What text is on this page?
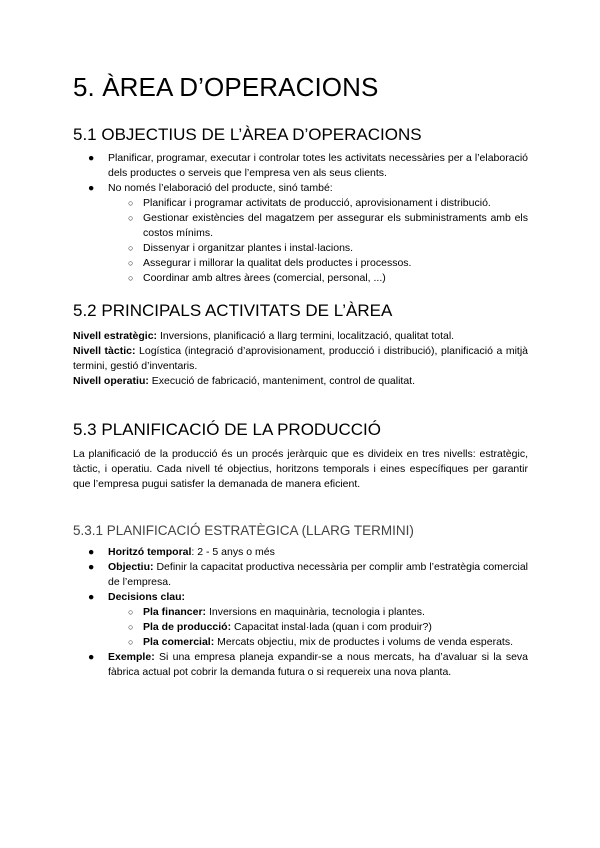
5. ÀREA D’OPERACIONS
5.1 OBJECTIUS DE L’ÀREA D’OPERACIONS
● Planificar, programar, executar i controlar totes les activitats necessàries per a l’elaboració dels productes o serveis que l’empresa ven als seus clients.
● No només l’elaboració del producte, sinó també:
○ Planificar i programar activitats de producció, aprovisionament i distribució.
○ Gestionar existències del magatzem per assegurar els subministraments amb els costos mínims.
○ Dissenyar i organitzar plantes i instal·lacions.
○ Assegurar i millorar la qualitat dels productes i processos.
○ Coordinar amb altres àrees (comercial, personal, ...)
5.2 PRINCIPALS ACTIVITATS DE L’ÀREA
Nivell estratègic: Inversions, planificació a llarg termini, localització, qualitat total.
Nivell tàctic: Logística (integració d’aprovisionament, producció i distribució), planificació a mitjà termini, gestió d’inventaris.
Nivell operatiu: Execució de fabricació, manteniment, control de qualitat.
5.3 PLANIFICACIÓ DE LA PRODUCCIÓ
La planificació de la producció és un procés jeràrquic que es divideix en tres nivells: estratègic, tàctic, i operatiu. Cada nivell té objectius, horitzons temporals i eines específiques per garantir que l’empresa pugui satisfer la demanada de manera eficient.
5.3.1 PLANIFICACIÓ ESTRATÈGICA (LLARG TERMINI)
● Horitzó temporal: 2 - 5 anys o més
● Objectiu: Definir la capacitat productiva necessària per complir amb l’estratègia comercial de l’empresa.
● Decisions clau:
○ Pla financer: Inversions en maquinària, tecnologia i plantes.
○ Pla de producció: Capacitat instal·lada (quan i com produir?)
○ Pla comercial: Mercats objectiu, mix de productes i volums de venda esperats.
● Exemple: Si una empresa planeja expandir-se a nous mercats, ha d’avaluar si la seva fàbrica actual pot cobrir la demanda futura o si requereix una nova planta.
